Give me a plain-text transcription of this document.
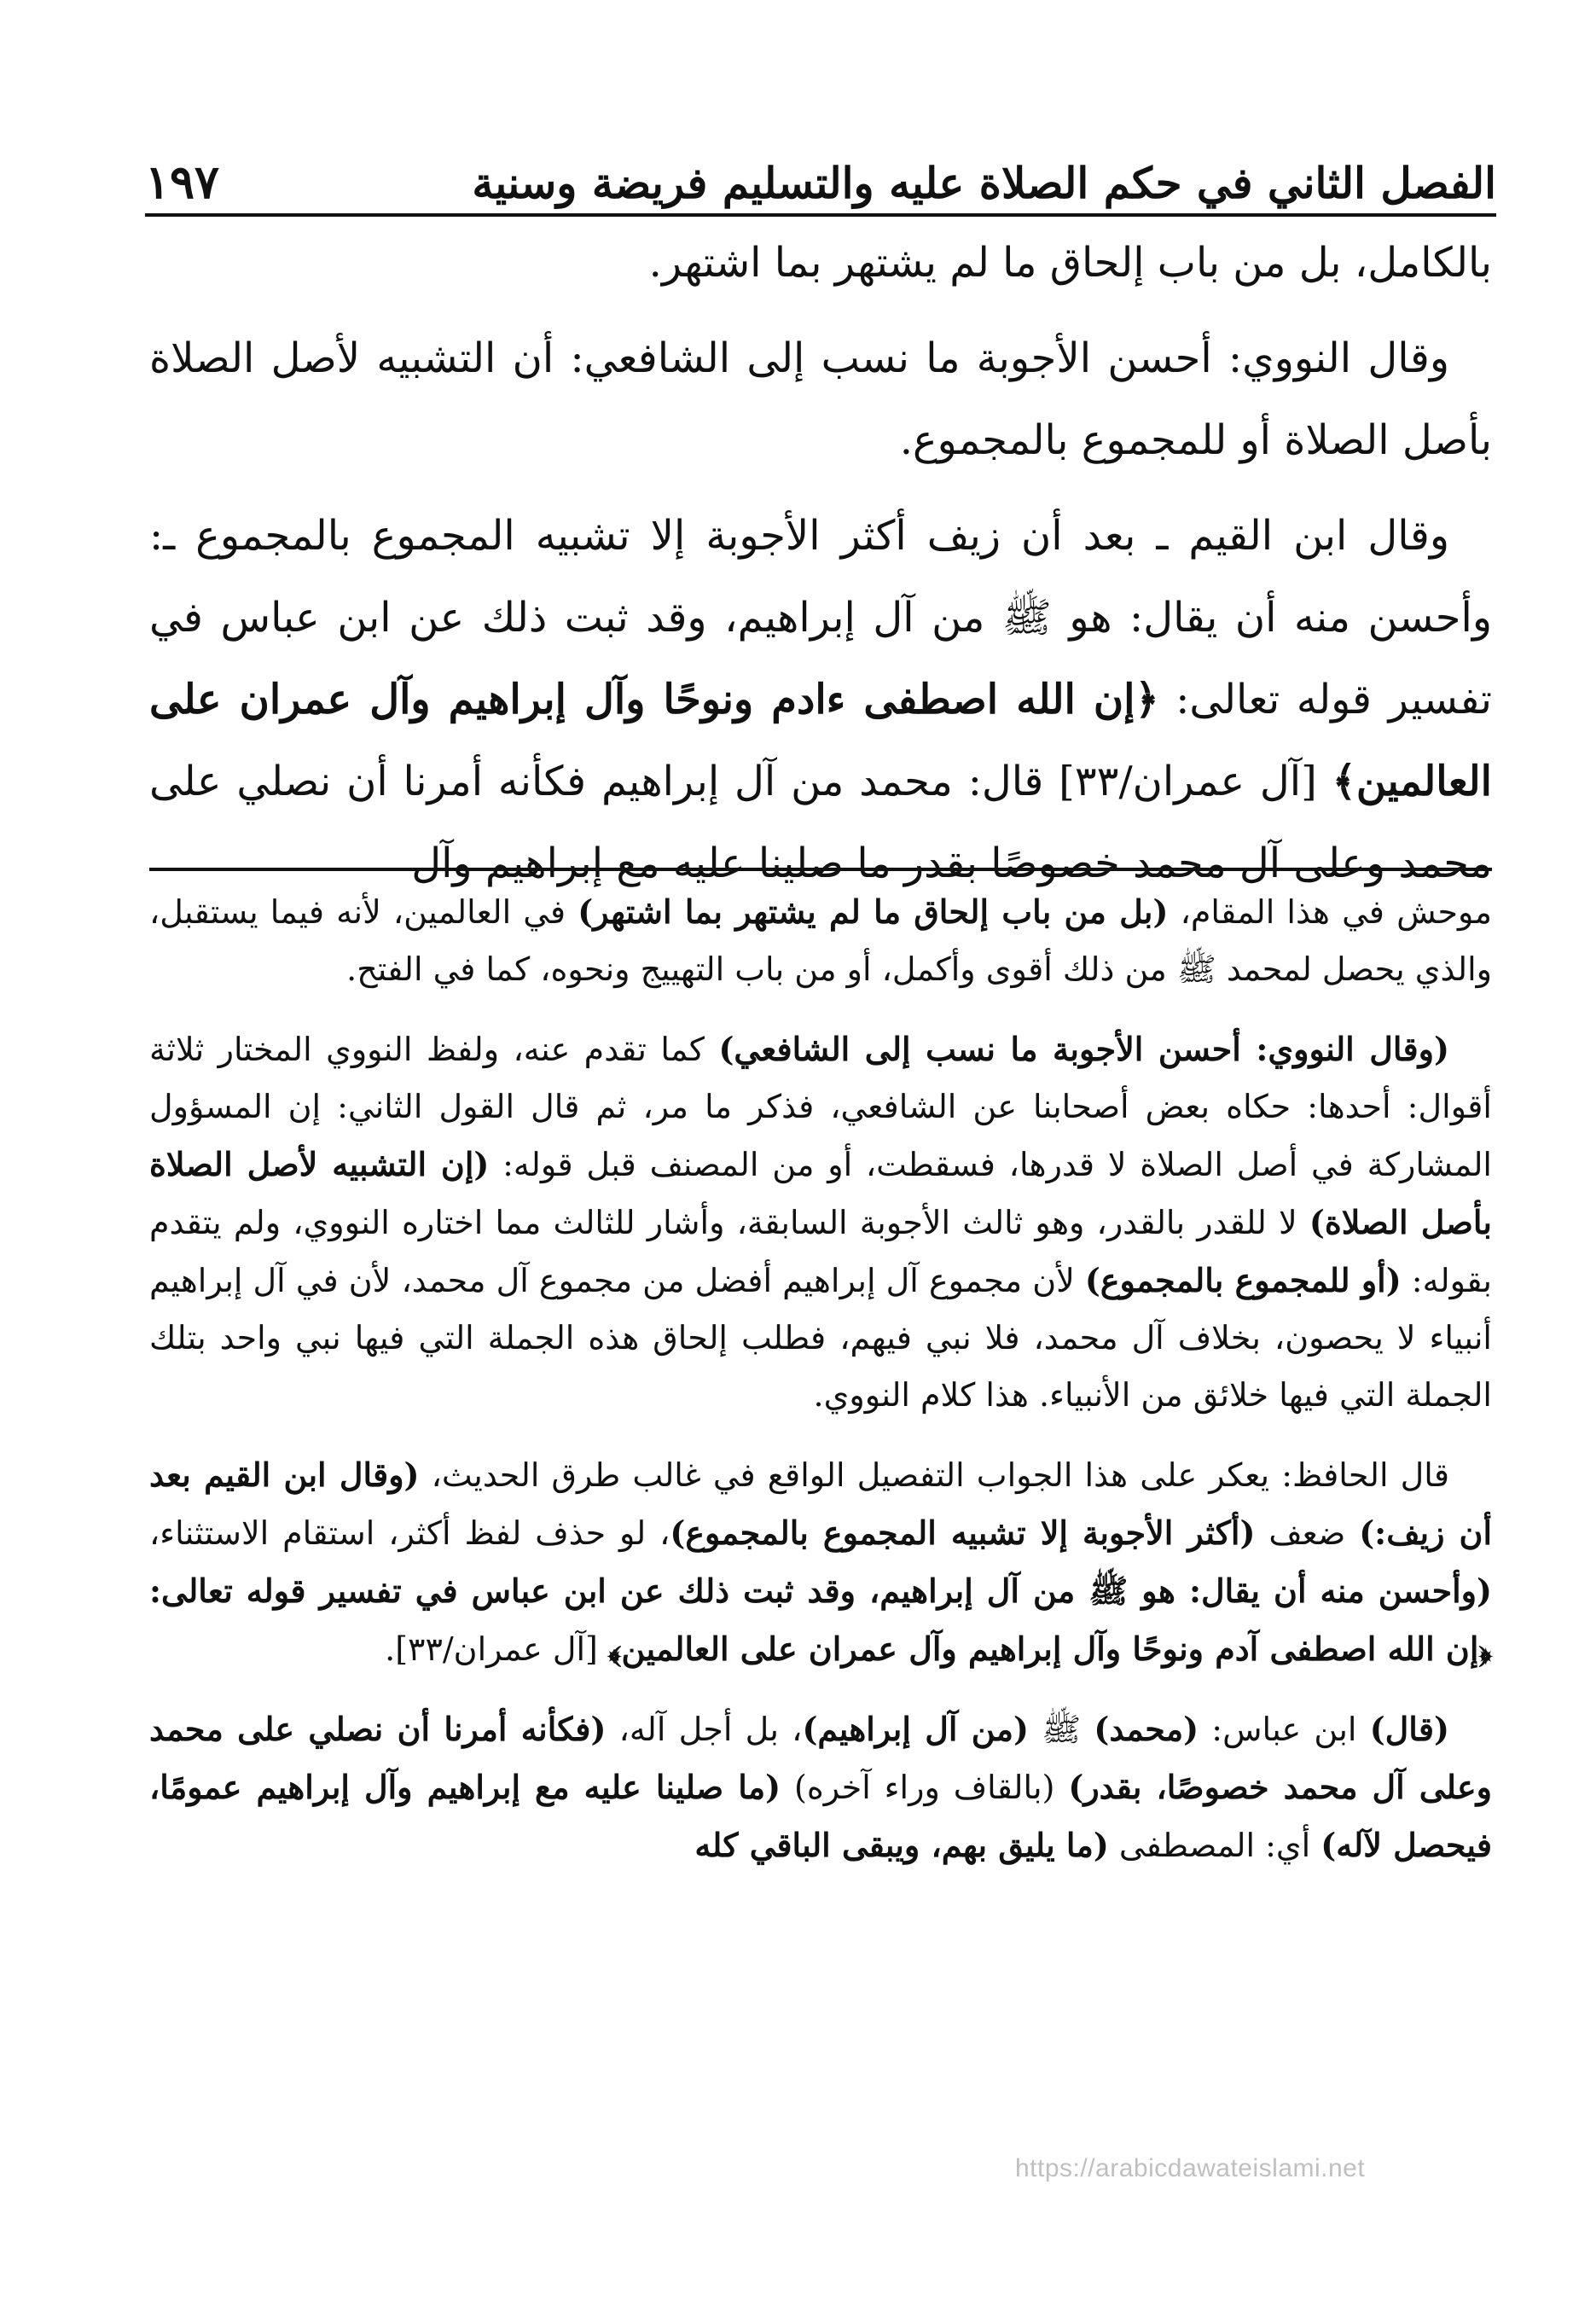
الفصل الثاني في حكم الصلاة عليه والتسليم فريضة وسنية
١٩٧

بالكامل، بل من باب إلحاق ما لم يشتهر بما اشتهر.

وقال النووي: أحسن الأجوبة ما نسب إلى الشافعي: أن التشبيه لأصل الصلاة بأصل الصلاة أو للمجموع بالمجموع.

وقال ابن القيم ـ بعد أن زيف أكثر الأجوبة إلا تشبيه المجموع بالمجموع ـ: وأحسن منه أن يقال: هو ﷺ من آل إبراهيم، وقد ثبت ذلك عن ابن عباس في تفسير قوله تعالى: ﴿إن الله اصطفى ءادم ونوحًا وآل إبراهيم وآل عمران على العالمين﴾ [آل عمران/٣٣] قال: محمد من آل إبراهيم فكأنه أمرنا أن نصلي على محمد وعلى آل محمد خصوصًا بقدر ما صلينا عليه مع إبراهيم وآل

موحش في هذا المقام، (بل من باب إلحاق ما لم يشتهر بما اشتهر) في العالمين، لأنه فيما يستقبل، والذي يحصل لمحمد ﷺ من ذلك أقوى وأكمل، أو من باب التهييج ونحوه، كما في الفتح.

(وقال النووي: أحسن الأجوبة ما نسب إلى الشافعي) كما تقدم عنه، ولفظ النووي المختار ثلاثة أقوال: أحدها: حكاه بعض أصحابنا عن الشافعي، فذكر ما مر، ثم قال القول الثاني: إن المسؤول المشاركة في أصل الصلاة لا قدرها، فسقطت، أو من المصنف قبل قوله: (إن التشبيه لأصل الصلاة بأصل الصلاة) لا للقدر بالقدر، وهو ثالث الأجوبة السابقة، وأشار للثالث مما اختاره النووي، ولم يتقدم بقوله: (أو للمجموع بالمجموع) لأن مجموع آل إبراهيم أفضل من مجموع آل محمد، لأن في آل إبراهيم أنبياء لا يحصون، بخلاف آل محمد، فلا نبي فيهم، فطلب إلحاق هذه الجملة التي فيها نبي واحد بتلك الجملة التي فيها خلائق من الأنبياء. هذا كلام النووي.

قال الحافظ: يعكر على هذا الجواب التفصيل الواقع في غالب طرق الحديث، (وقال ابن القيم بعد أن زيف:) ضعف (أكثر الأجوبة إلا تشبيه المجموع بالمجموع)، لو حذف لفظ أكثر، استقام الاستثناء، (وأحسن منه أن يقال: هو ﷺ من آل إبراهيم، وقد ثبت ذلك عن ابن عباس في تفسير قوله تعالى: ﴿إن الله اصطفى آدم ونوحًا وآل إبراهيم وآل عمران على العالمين﴾ [آل عمران/٣٣].

(قال) ابن عباس: (محمد) ﷺ (من آل إبراهيم)، بل أجل آله، (فكأنه أمرنا أن نصلي على محمد وعلى آل محمد خصوصًا، بقدر) (بالقاف وراء آخره) (ما صلينا عليه مع إبراهيم وآل إبراهيم عمومًا، فيحصل لآله) أي: المصطفى (ما يليق بهم، ويبقى الباقي كله

https://arabicdawateislami.net
